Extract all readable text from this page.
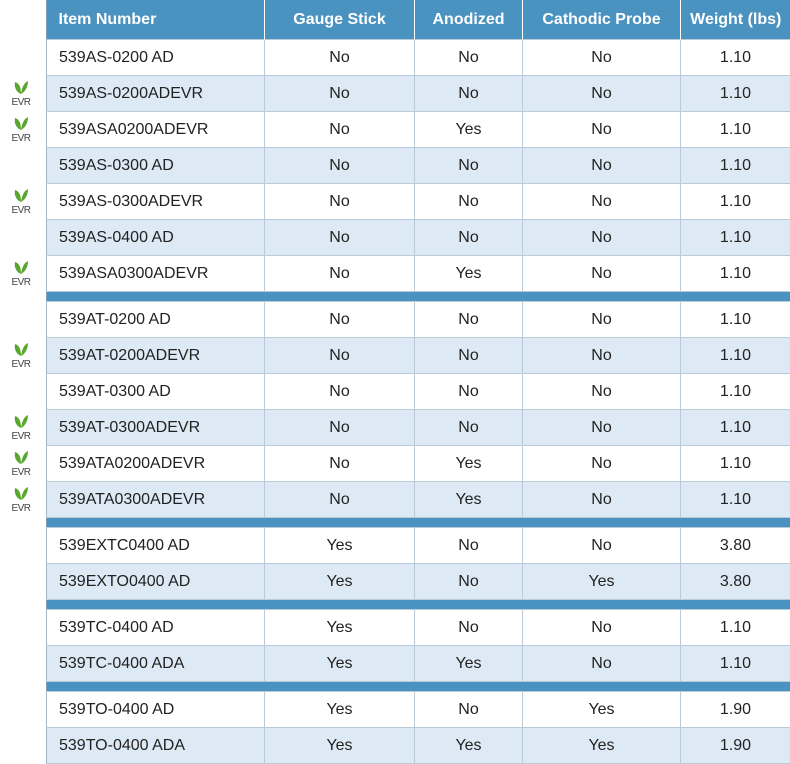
EVR
EVR
EVR
EVR
EVR
EVR
EVR
EVR
Item Number	Gauge Stick	Anodized	Cathodic Probe	Weight (lbs)
539AS-0200 AD	No	No	No	1.10
539AS-0200ADEVR	No	No	No	1.10
539ASA0200ADEVR	No	Yes	No	1.10
539AS-0300 AD	No	No	No	1.10
539AS-0300ADEVR	No	No	No	1.10
539AS-0400 AD	No	No	No	1.10
539ASA0300ADEVR	No	Yes	No	1.10

539AT-0200 AD	No	No	No	1.10
539AT-0200ADEVR	No	No	No	1.10
539AT-0300 AD	No	No	No	1.10
539AT-0300ADEVR	No	No	No	1.10
539ATA0200ADEVR	No	Yes	No	1.10
539ATA0300ADEVR	No	Yes	No	1.10

539EXTC0400 AD	Yes	No	No	3.80
539EXTO0400 AD	Yes	No	Yes	3.80

539TC-0400 AD	Yes	No	No	1.10
539TC-0400 ADA	Yes	Yes	No	1.10

539TO-0400 AD	Yes	No	Yes	1.90
539TO-0400 ADA	Yes	Yes	Yes	1.90
